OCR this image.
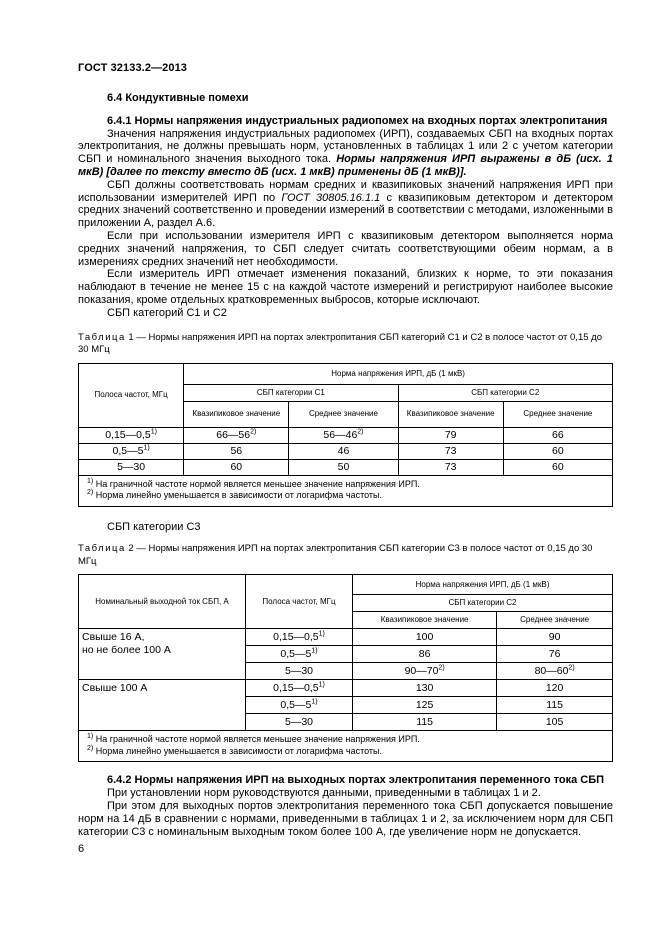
ГОСТ 32133.2—2013

6.4 Кондуктивные помехи

6.4.1 Нормы напряжения индустриальных радиопомех на входных портах электропитания

Значения напряжения индустриальных радиопомех (ИРП), создаваемых СБП на входных портах электропитания, не должны превышать норм, установленных в таблицах 1 или 2 с учетом категории СБП и номинального значения выходного тока. Нормы напряжения ИРП выражены в дБ (исх. 1 мкВ) [далее по тексту вместо дБ (исх. 1 мкВ) применены дБ (1 мкВ)].

СБП должны соответствовать нормам средних и квазипиковых значений напряжения ИРП при использовании измерителей ИРП по ГОСТ 30805.16.1.1 с квазипиковым детектором и детектором средних значений соответственно и проведении измерений в соответствии с методами, изложенными в приложении А, раздел А.6.

Если при использовании измерителя ИРП с квазипиковым детектором выполняется норма средних значений напряжения, то СБП следует считать соответствующими обеим нормам, а в измерениях средних значений нет необходимости.

Если измеритель ИРП отмечает изменения показаний, близких к норме, то эти показания наблюдают в течение не менее 15 с на каждой частоте измерений и регистрируют наиболее высокие показания, кроме отдельных кратковременных выбросов, которые исключают.

СБП категорий С1 и С2

Таблица 1 — Нормы напряжения ИРП на портах электропитания СБП категорий С1 и С2 в полосе частот от 0,15 до 30 МГц

Полоса частот, МГц	Норма напряжения ИРП, дБ (1 мкВ)			
	СБП категории С1		СБП категории С2	
	Квазипиковое значение	Среднее значение	Квазипиковое значение	Среднее значение
0,15—0,5$^{1)}$	66—56$^{2)}$	56—46$^{2)}$	79	66
0,5—5$^{1)}$	56	46	73	60
5—30	60	50	73	60

$^{1)}$ На граничной частоте нормой является меньшее значение напряжения ИРП.
$^{2)}$ Норма линейно уменьшается в зависимости от логарифма частоты.				

СБП категории С3

Таблица 2 — Нормы напряжения ИРП на портах электропитания СБП категории С3 в полосе частот от 0,15 до 30 МГц

Номинальный выходной ток СБП, А	Полоса частот, МГц	Норма напряжения ИРП, дБ (1 мкВ)	
		СБП категории С2	
		Квазипиковое значение	Среднее значение

Свыше 16 А,
но не более 100 А	0,15—0,5$^{1)}$	100	90
	0,5—5$^{1)}$	86	76
	5—30	90—70$^{2)}$	80—60$^{2)}$
Свыше 100 А	0,15—0,5$^{1)}$	130	120
	0,5—5$^{1)}$	125	115
	5—30	115	105

$^{1)}$ На граничной частоте нормой является меньшее значение напряжения ИРП.
$^{2)}$ Норма линейно уменьшается в зависимости от логарифма частоты.			

6.4.2 Нормы напряжения ИРП на выходных портах электропитания переменного тока СБП

При установлении норм руководствуются данными, приведенными в таблицах 1 и 2.

При этом для выходных портов электропитания переменного тока СБП допускается повышение норм на 14 дБ в сравнении с нормами, приведенными в таблицах 1 и 2, за исключением норм для СБП категории С3 с номинальным выходным током более 100 А, где увеличение норм не допускается.

6
